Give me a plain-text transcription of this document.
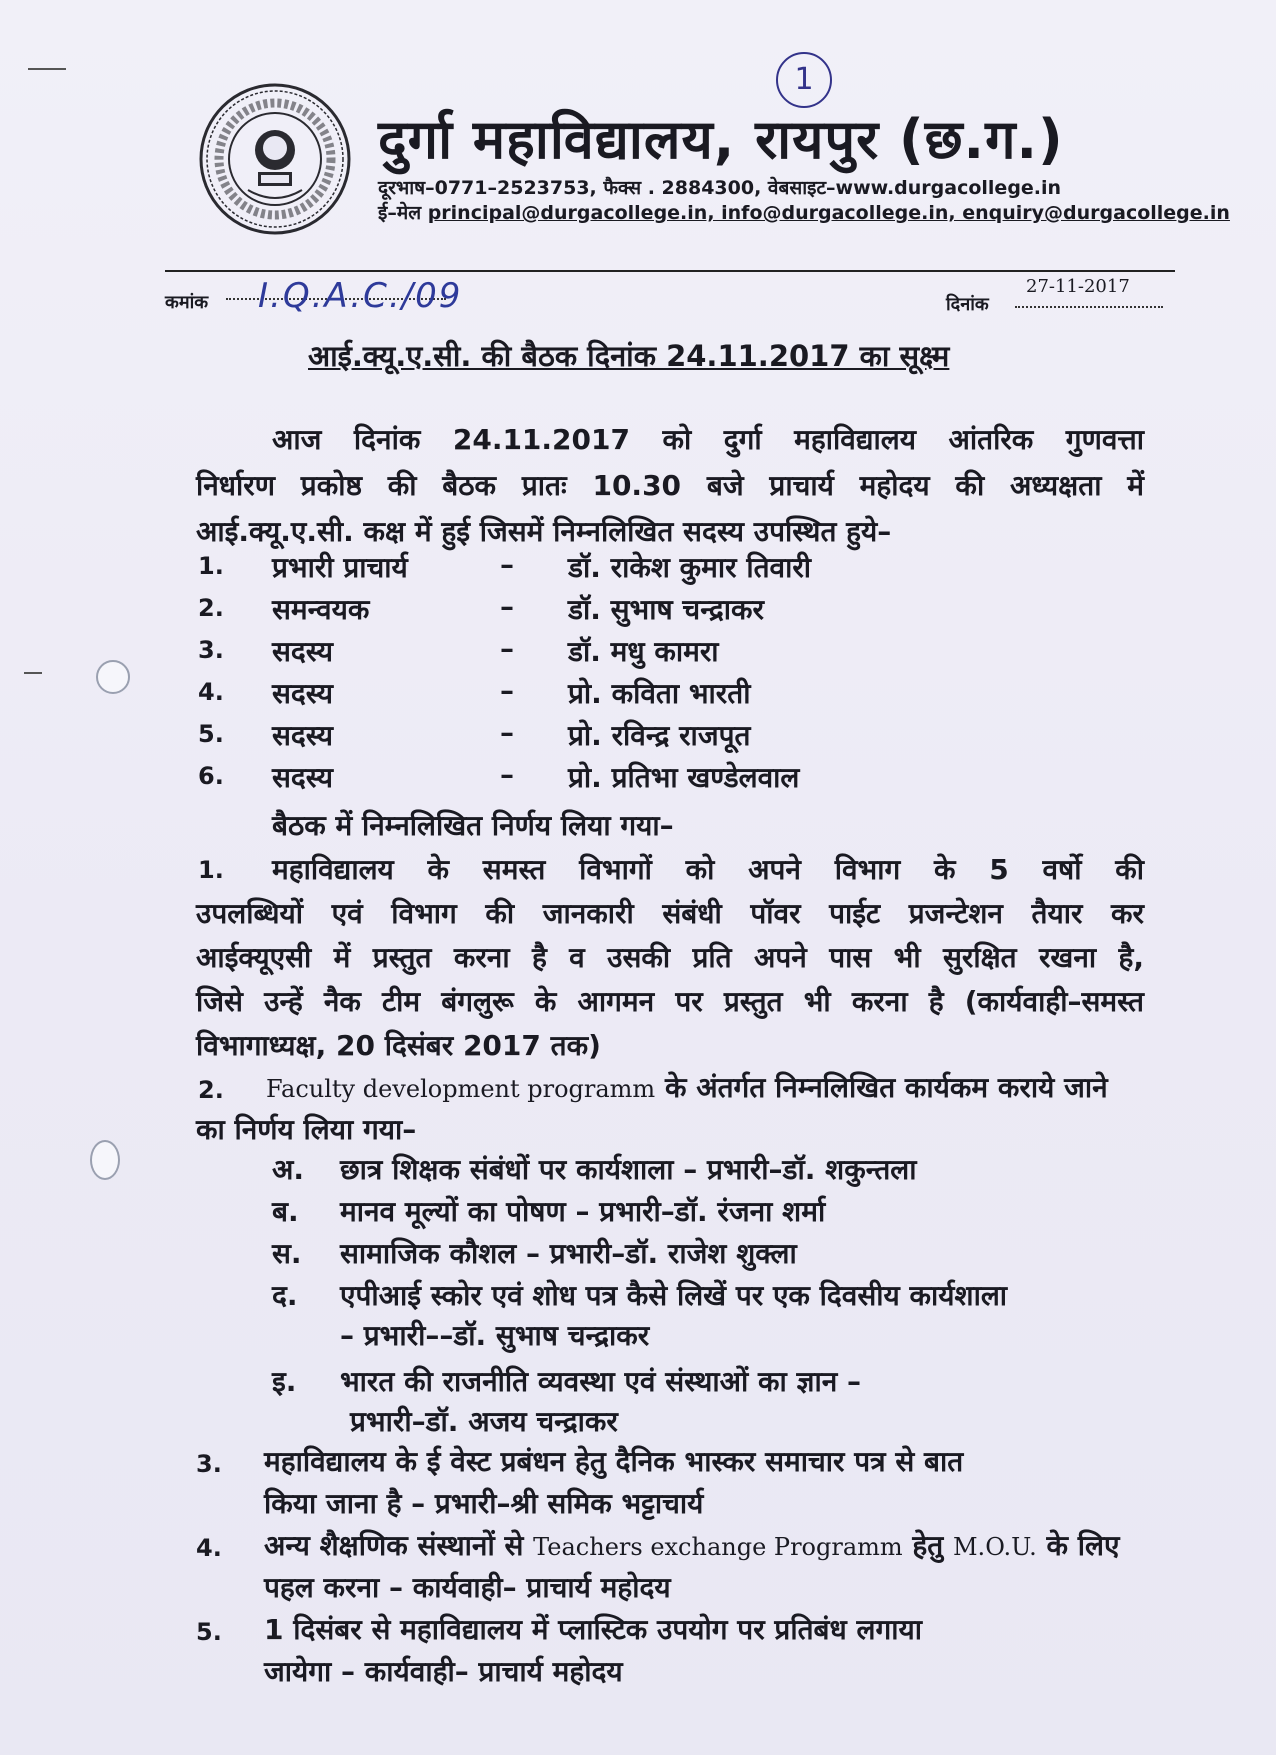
दुर्गा महाविद्यालय, रायपुर (छ.ग.)
दूरभाष–0771–2523753, फैक्स . 2884300, वेबसाइट–www.durgacollege.in
ई–मेल principal@durgacollege.in, info@durgacollege.in, enquiry@durgacollege.in
1
कमांक I.Q.A.C./09	दिनांक
27-11-2017
आई.क्यू.ए.सी. की बैठक दिनांक 24.11.2017 का सूक्ष्म
आज दिनांक 24.11.2017 को दुर्गा महाविद्यालय आंतरिक गुणवत्ता
निर्धारण प्रकोष्ठ की बैठक प्रातः 10.30 बजे प्राचार्य महोदय की अध्यक्षता में
आई.क्यू.ए.सी. कक्ष में हुई जिसमें निम्नलिखित सदस्य उपस्थित हुये–
1. प्रभारी प्राचार्य	– डॉ. राकेश कुमार तिवारी
2. समन्वयक	– डॉ. सुभाष चन्द्राकर
3. सदस्य	– डॉ. मधु कामरा
4. सदस्य	– प्रो. कविता भारती
5. सदस्य	– प्रो. रविन्द्र राजपूत
6. सदस्य	– प्रो. प्रतिभा खण्डेलवाल
बैठक में निम्नलिखित निर्णय लिया गया–
1. महाविद्यालय के समस्त विभागों को अपने विभाग के 5 वर्षो की
उपलब्धियों एवं विभाग की जानकारी संबंधी पॉवर पाईट प्रजन्टेशन तैयार कर
आईक्यूएसी में प्रस्तुत करना है व उसकी प्रति अपने पास भी सुरक्षित रखना है,
जिसे उन्हें नैक टीम बंगलुरू के आगमन पर प्रस्तुत भी करना है (कार्यवाही–समस्त
विभागाध्यक्ष, 20 दिसंबर 2017 तक)
2. Faculty development programm के अंतर्गत निम्नलिखित कार्यकम कराये जाने
का निर्णय लिया गया–
अ. छात्र शिक्षक संबंधों पर कार्यशाला – प्रभारी–डॉ. शकुन्तला
ब. मानव मूल्यों का पोषण – प्रभारी–डॉ. रंजना शर्मा
स. सामाजिक कौशल – प्रभारी–डॉ. राजेश शुक्ला
द. एपीआई स्कोर एवं शोध पत्र कैसे लिखें पर एक दिवसीय कार्यशाला
– प्रभारी––डॉ. सुभाष चन्द्राकर
इ. भारत की राजनीति व्यवस्था एवं संस्थाओं का ज्ञान –
प्रभारी–डॉ. अजय चन्द्राकर
3. महाविद्यालय के ई वेस्ट प्रबंधन हेतु दैनिक भास्कर समाचार पत्र से बात
किया जाना है – प्रभारी–श्री समिक भट्टाचार्य
4. अन्य शैक्षणिक संस्थानों से Teachers exchange Programm हेतु M.O.U. के लिए
पहल करना – कार्यवाही– प्राचार्य महोदय
5. 1 दिसंबर से महाविद्यालय में प्लास्टिक उपयोग पर प्रतिबंध लगाया
जायेगा – कार्यवाही– प्राचार्य महोदय
